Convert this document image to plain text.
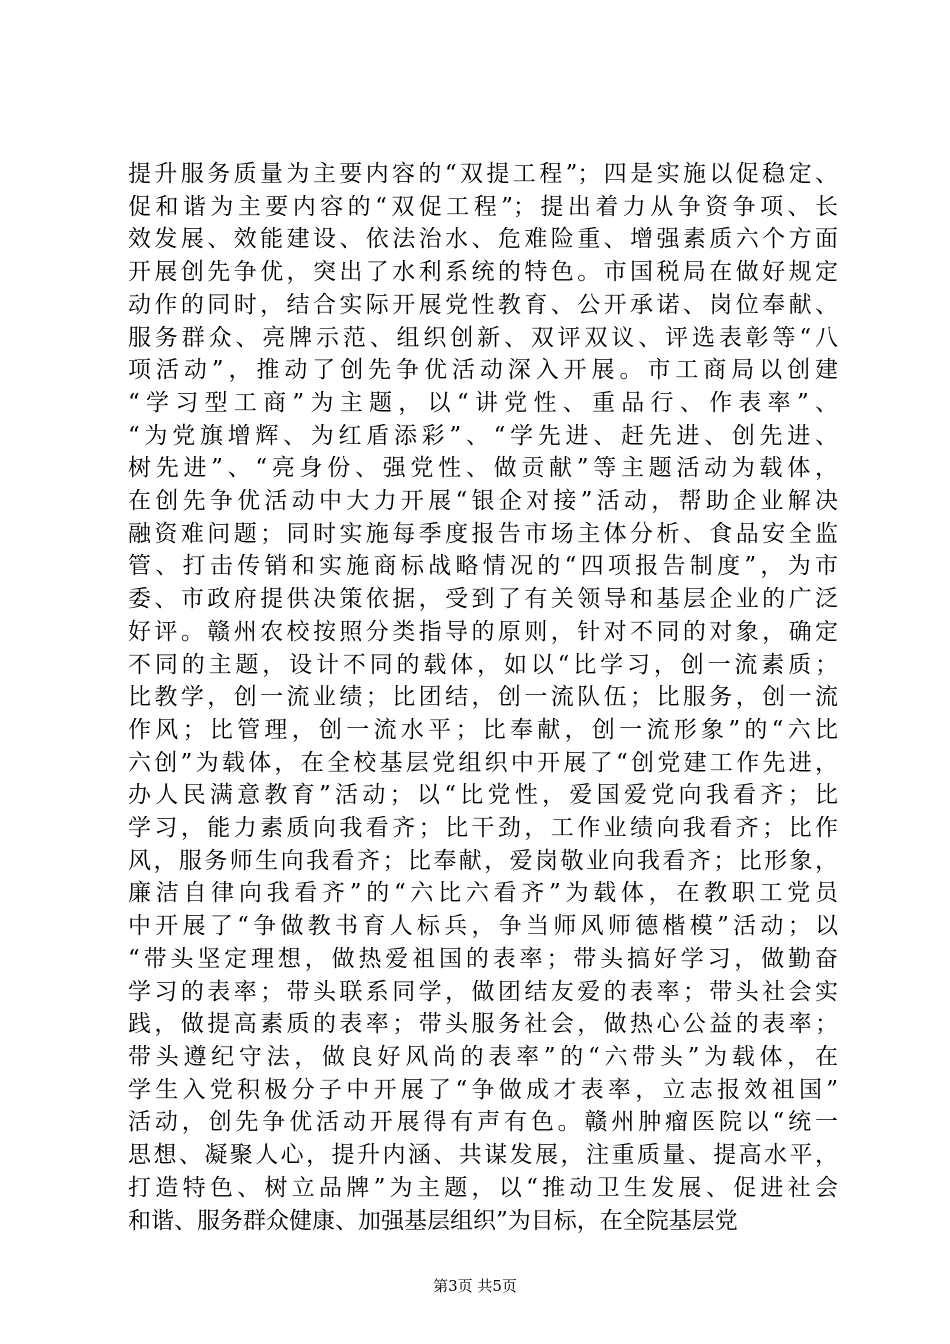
提升服务质量为主要内容的“双提工程”；四是实施以促稳定、
促和谐为主要内容的“双促工程”；提出着力从争资争项、长
效发展、效能建设、依法治水、危难险重、增强素质六个方面
开展创先争优，突出了水利系统的特色。市国税局在做好规定
动作的同时，结合实际开展党性教育、公开承诺、岗位奉献、
服务群众、亮牌示范、组织创新、双评双议、评选表彰等“八
项活动”，推动了创先争优活动深入开展。市工商局以创建
“学习型工商”为主题，以“讲党性、重品行、作表率”、
“为党旗增辉、为红盾添彩”、“学先进、赶先进、创先进、
树先进”、“亮身份、强党性、做贡献”等主题活动为载体，
在创先争优活动中大力开展“银企对接”活动，帮助企业解决
融资难问题；同时实施每季度报告市场主体分析、食品安全监
管、打击传销和实施商标战略情况的“四项报告制度”，为市
委、市政府提供决策依据，受到了有关领导和基层企业的广泛
好评。赣州农校按照分类指导的原则，针对不同的对象，确定
不同的主题，设计不同的载体，如以“比学习，创一流素质；
比教学，创一流业绩；比团结，创一流队伍；比服务，创一流
作风；比管理，创一流水平；比奉献，创一流形象”的“六比
六创”为载体，在全校基层党组织中开展了“创党建工作先进，
办人民满意教育”活动；以“比党性，爱国爱党向我看齐；比
学习，能力素质向我看齐；比干劲，工作业绩向我看齐；比作
风，服务师生向我看齐；比奉献，爱岗敬业向我看齐；比形象，
廉洁自律向我看齐”的“六比六看齐”为载体，在教职工党员
中开展了“争做教书育人标兵，争当师风师德楷模”活动；以
“带头坚定理想，做热爱祖国的表率；带头搞好学习，做勤奋
学习的表率；带头联系同学，做团结友爱的表率；带头社会实
践，做提高素质的表率；带头服务社会，做热心公益的表率；
带头遵纪守法，做良好风尚的表率”的“六带头”为载体，在
学生入党积极分子中开展了“争做成才表率，立志报效祖国”
活动，创先争优活动开展得有声有色。赣州肿瘤医院以“统一
思想、凝聚人心，提升内涵、共谋发展，注重质量、提高水平，
打造特色、树立品牌”为主题，以“推动卫生发展、促进社会
和谐、服务群众健康、加强基层组织”为目标，在全院基层党
第3页 共5页
